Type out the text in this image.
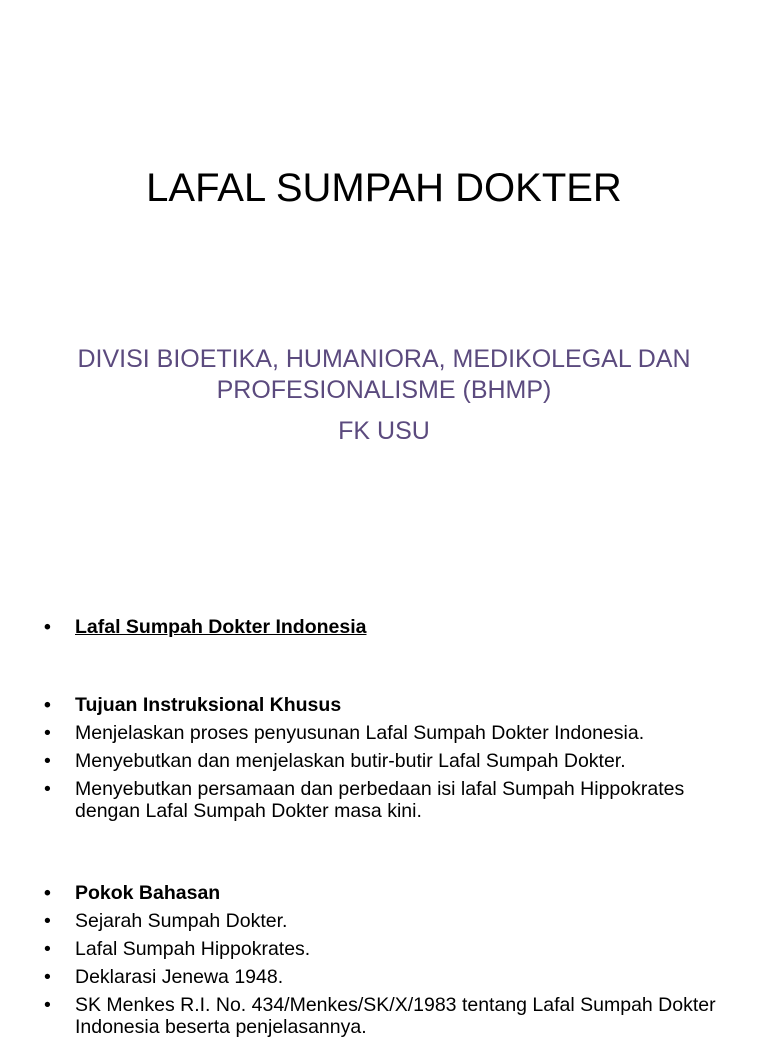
LAFAL SUMPAH DOKTER
DIVISI BIOETIKA, HUMANIORA, MEDIKOLEGAL DAN PROFESIONALISME (BHMP)
FK USU
•	Lafal Sumpah Dokter Indonesia
•	Tujuan Instruksional Khusus
•	Menjelaskan proses penyusunan Lafal Sumpah Dokter Indonesia.
•	Menyebutkan dan menjelaskan butir-butir Lafal Sumpah Dokter.
•	Menyebutkan persamaan dan perbedaan isi lafal Sumpah Hippokrates dengan Lafal Sumpah Dokter masa kini.
•	Pokok Bahasan
•	Sejarah Sumpah Dokter.
•	Lafal Sumpah Hippokrates.
•	Deklarasi Jenewa 1948.
•	SK Menkes R.I. No. 434/Menkes/SK/X/1983 tentang Lafal Sumpah Dokter Indonesia beserta penjelasannya.
